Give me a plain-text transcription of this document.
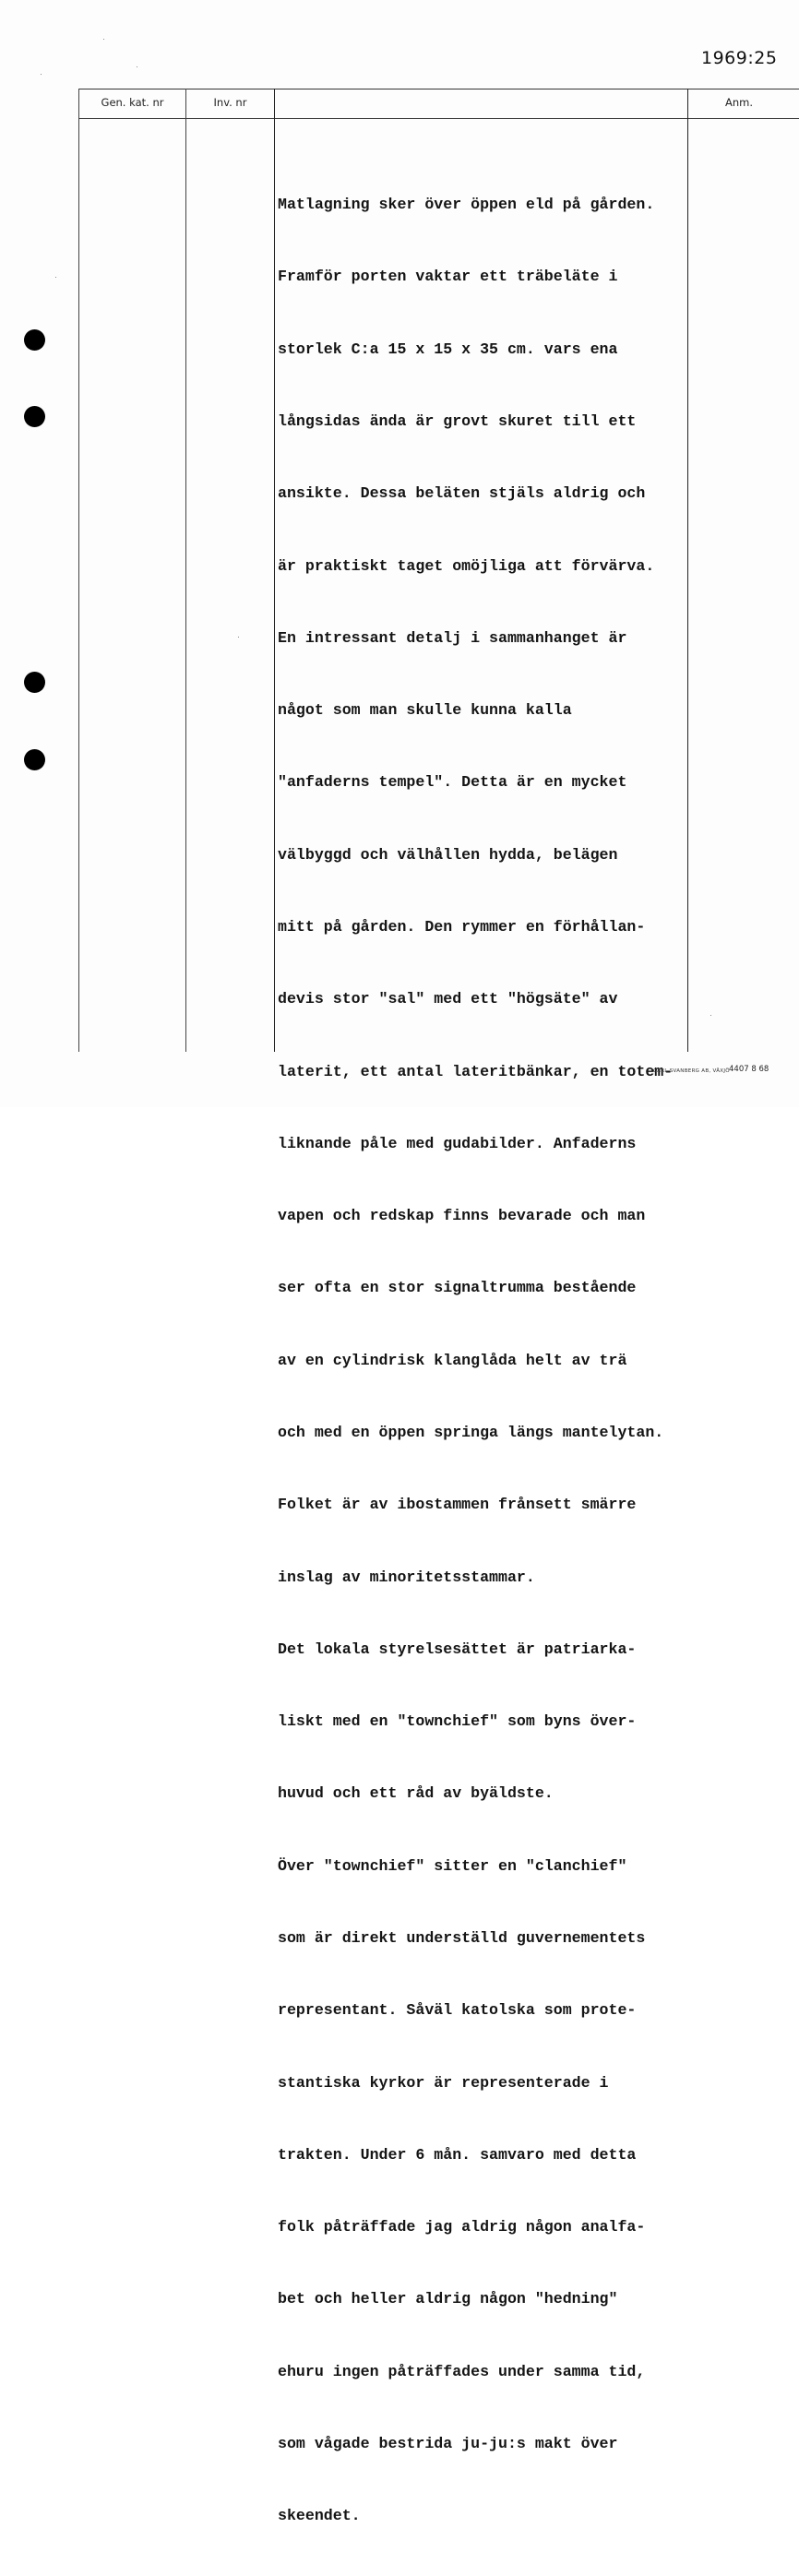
1969:25
Gen. kat. nr	Inv. nr	Anm.

Matlagning sker över öppen eld på gården.

Framför porten vaktar ett träbeläte i

storlek C:a 15 x 15 x 35 cm. vars ena

långsidas ända är grovt skuret till ett

ansikte. Dessa beläten stjäls aldrig och

är praktiskt taget omöjliga att förvärva.

En intressant detalj i sammanhanget är

något som man skulle kunna kalla

"anfaderns tempel". Detta är en mycket

välbyggd och välhållen hydda, belägen

mitt på gården. Den rymmer en förhållan-

devis stor "sal" med ett "högsäte" av

laterit, ett antal lateritbänkar, en totem-

liknande påle med gudabilder. Anfaderns

vapen och redskap finns bevarade och man

ser ofta en stor signaltrumma bestående

av en cylindrisk klanglåda helt av trä

och med en öppen springa längs mantelytan.

Folket är av ibostammen frånsett smärre

inslag av minoritetsstammar.

Det lokala styrelsesättet är patriarka-

liskt med en "townchief" som byns över-

huvud och ett råd av byäldste.

Över "townchief" sitter en "clanchief"

som är direkt underställd guvernementets

representant. Såväl katolska som prote-

stantiska kyrkor är representerade i

trakten. Under 6 mån. samvaro med detta

folk påträffade jag aldrig någon analfa-

bet och heller aldrig någon "hedning"

ehuru ingen påträffades under samma tid,

som vågade bestrida ju-ju:s makt över

skeendet.

CARL SVANBERG AB, VÄXJÖ 4407 8 68
